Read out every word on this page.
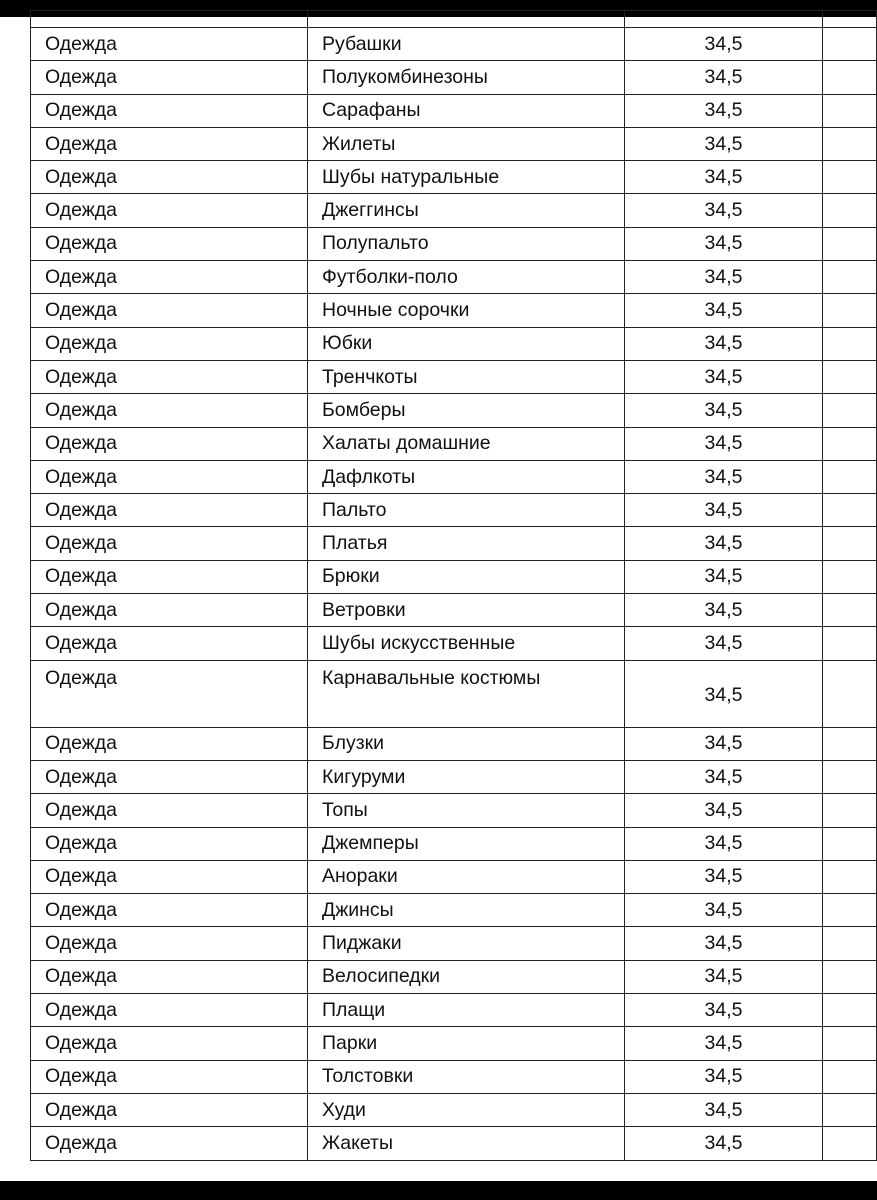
Одежда	Рубашки	34,5	
Одежда	Полукомбинезоны	34,5	
Одежда	Сарафаны	34,5	
Одежда	Жилеты	34,5	
Одежда	Шубы натуральные	34,5	
Одежда	Джеггинсы	34,5	
Одежда	Полупальто	34,5	
Одежда	Футболки-поло	34,5	
Одежда	Ночные сорочки	34,5	
Одежда	Юбки	34,5	
Одежда	Тренчкоты	34,5	
Одежда	Бомберы	34,5	
Одежда	Халаты домашние	34,5	
Одежда	Дафлкоты	34,5	
Одежда	Пальто	34,5	
Одежда	Платья	34,5	
Одежда	Брюки	34,5	
Одежда	Ветровки	34,5	
Одежда	Шубы искусственные	34,5	
Одежда	Карнавальные костюмы	34,5	
Одежда	Блузки	34,5	
Одежда	Кигуруми	34,5	
Одежда	Топы	34,5	
Одежда	Джемперы	34,5	
Одежда	Анораки	34,5	
Одежда	Джинсы	34,5	
Одежда	Пиджаки	34,5	
Одежда	Велосипедки	34,5	
Одежда	Плащи	34,5	
Одежда	Парки	34,5	
Одежда	Толстовки	34,5	
Одежда	Худи	34,5	
Одежда	Жакеты	34,5	
